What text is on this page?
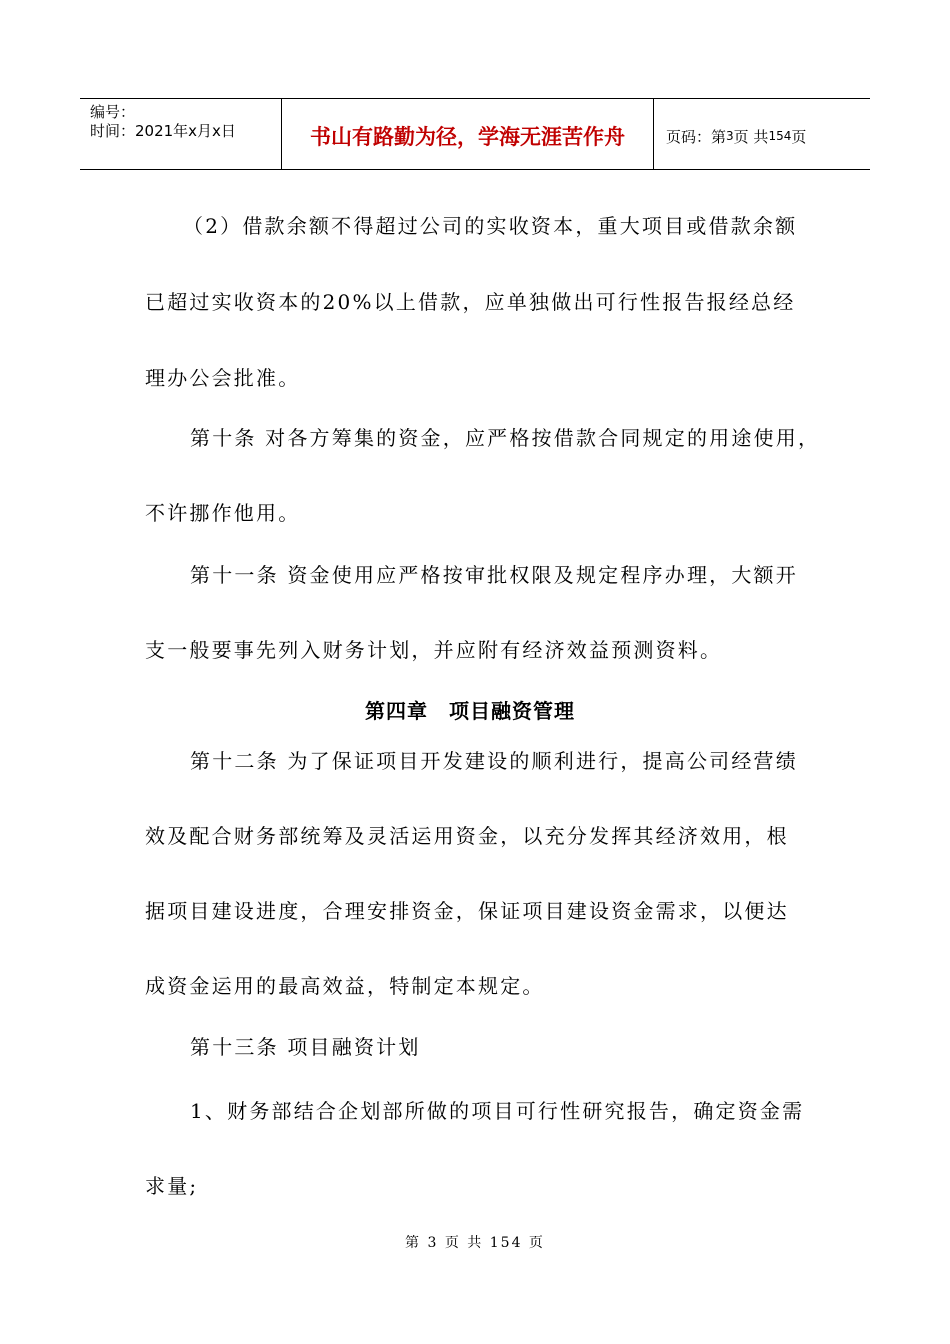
编号：
时间：2021年x月x日	书山有路勤为径，学海无涯苦作舟	页码：第 3 页 共 154 页
（2）借款余额不得超过公司的实收资本，重大项目或借款余额
已超过实收资本的20%以上借款，应单独做出可行性报告报经总经
理办公会批准。
第十条 对各方筹集的资金，应严格按借款合同规定的用途使用，
不许挪作他用。
第十一条 资金使用应严格按审批权限及规定程序办理，大额开
支一般要事先列入财务计划，并应附有经济效益预测资料。
第四章　项目融资管理
第十二条 为了保证项目开发建设的顺利进行，提高公司经营绩
效及配合财务部统筹及灵活运用资金，以充分发挥其经济效用，根
据项目建设进度，合理安排资金，保证项目建设资金需求，以便达
成资金运用的最高效益，特制定本规定。
第十三条 项目融资计划
1、财务部结合企划部所做的项目可行性研究报告，确定资金需
求量;
第 3 页 共 154 页
